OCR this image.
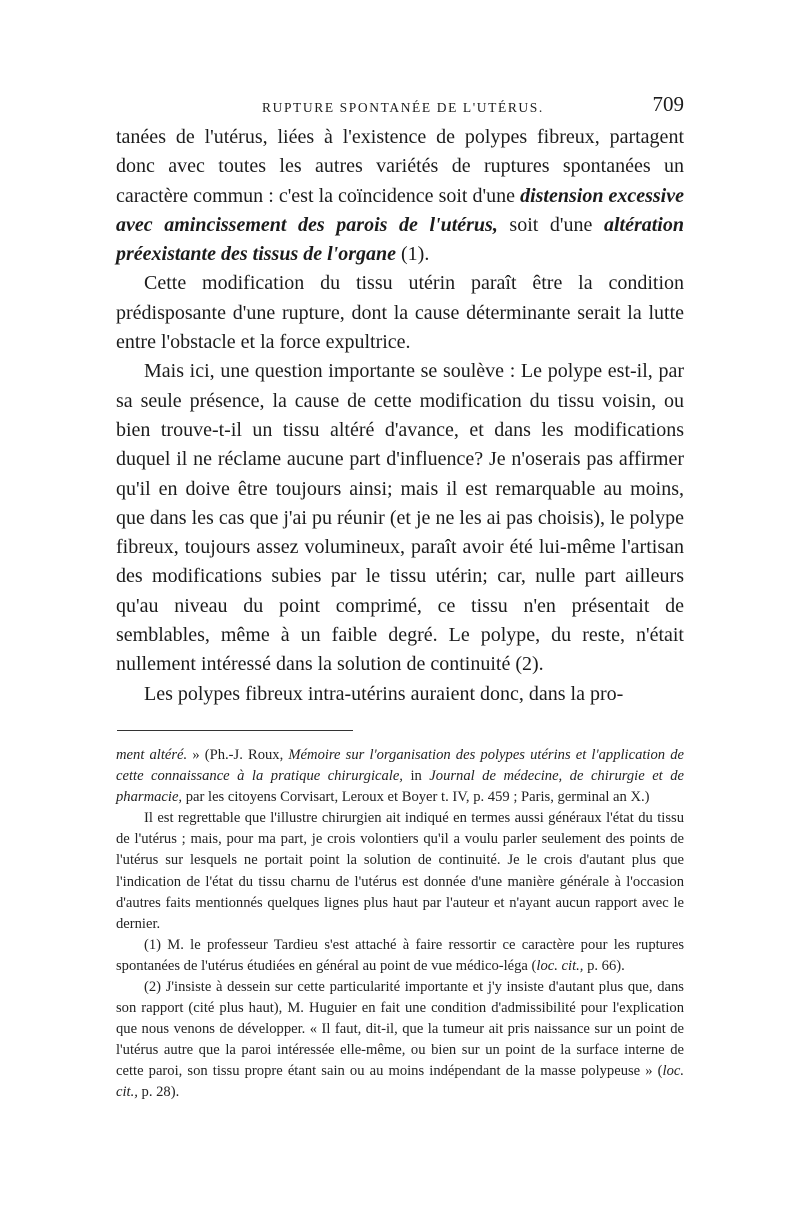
RUPTURE SPONTANÉE DE L'UTÉRUS.	709

tanées de l'utérus, liées à l'existence de polypes fibreux, partagent donc avec toutes les autres variétés de ruptures spontanées un caractère commun : c'est la coïncidence soit d'une distension excessive avec amincissement des parois de l'utérus, soit d'une altération préexistante des tissus de l'organe (1).

Cette modification du tissu utérin paraît être la condition prédisposante d'une rupture, dont la cause déterminante serait la lutte entre l'obstacle et la force expultrice.

Mais ici, une question importante se soulève : Le polype est-il, par sa seule présence, la cause de cette modification du tissu voisin, ou bien trouve-t-il un tissu altéré d'avance, et dans les modifications duquel il ne réclame aucune part d'influence? Je n'oserais pas affirmer qu'il en doive être toujours ainsi; mais il est remarquable au moins, que dans les cas que j'ai pu réunir (et je ne les ai pas choisis), le polype fibreux, toujours assez volumineux, paraît avoir été lui-même l'artisan des modifications subies par le tissu utérin; car, nulle part ailleurs qu'au niveau du point comprimé, ce tissu n'en présentait de semblables, même à un faible degré. Le polype, du reste, n'était nullement intéressé dans la solution de continuité (2).

Les polypes fibreux intra-utérins auraient donc, dans la pro-

ment altéré. » (Ph.-J. Roux, Mémoire sur l'organisation des polypes utérins et l'application de cette connaissance à la pratique chirurgicale, in Journal de médecine, de chirurgie et de pharmacie, par les citoyens Corvisart, Leroux et Boyer t. IV, p. 459 ; Paris, germinal an X.)

Il est regrettable que l'illustre chirurgien ait indiqué en termes aussi généraux l'état du tissu de l'utérus ; mais, pour ma part, je crois volontiers qu'il a voulu parler seulement des points de l'utérus sur lesquels ne portait point la solution de continuité. Je le crois d'autant plus que l'indication de l'état du tissu charnu de l'utérus est donnée d'une manière générale à l'occasion d'autres faits mentionnés quelques lignes plus haut par l'auteur et n'ayant aucun rapport avec le dernier.

(1) M. le professeur Tardieu s'est attaché à faire ressortir ce caractère pour les ruptures spontanées de l'utérus étudiées en général au point de vue médico-léga (loc. cit., p. 66).

(2) J'insiste à dessein sur cette particularité importante et j'y insiste d'autant plus que, dans son rapport (cité plus haut), M. Huguier en fait une condition d'admissibilité pour l'explication que nous venons de développer. « Il faut, dit-il, que la tumeur ait pris naissance sur un point de l'utérus autre que la paroi intéressée elle-même, ou bien sur un point de la surface interne de cette paroi, son tissu propre étant sain ou au moins indépendant de la masse polypeuse » (loc. cit., p. 28).
